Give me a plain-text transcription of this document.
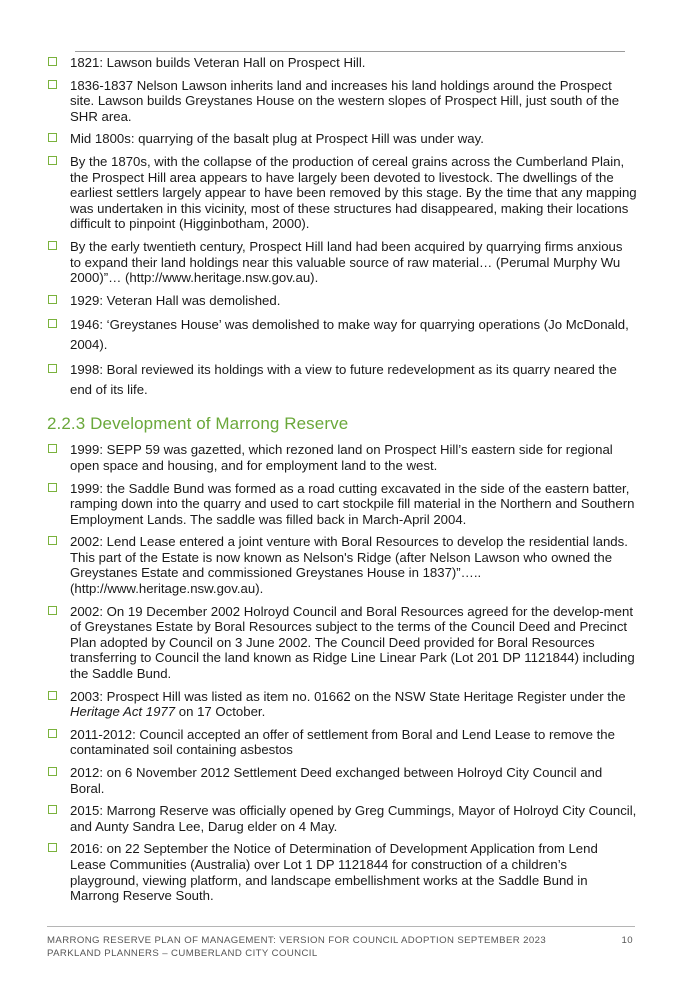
1821: Lawson builds Veteran Hall on Prospect Hill.
1836-1837 Nelson Lawson inherits land and increases his land holdings around the Prospect site. Lawson builds Greystanes House on the western slopes of Prospect Hill, just south of the SHR area.
Mid 1800s: quarrying of the basalt plug at Prospect Hill was under way.
By the 1870s, with the collapse of the production of cereal grains across the Cumberland Plain, the Prospect Hill area appears to have largely been devoted to livestock. The dwellings of the earliest settlers largely appear to have been removed by this stage. By the time that any mapping was undertaken in this vicinity, most of these structures had disappeared, making their locations difficult to pinpoint (Higginbotham, 2000).
By the early twentieth century, Prospect Hill land had been acquired by quarrying firms anxious to expand their land holdings near this valuable source of raw material… (Perumal Murphy Wu 2000)”… (http://www.heritage.nsw.gov.au).
1929: Veteran Hall was demolished.
1946: ‘Greystanes House’ was demolished to make way for quarrying operations (Jo McDonald, 2004).
1998: Boral reviewed its holdings with a view to future redevelopment as its quarry neared the end of its life.
2.2.3 Development of Marrong Reserve
1999: SEPP 59 was gazetted, which rezoned land on Prospect Hill’s eastern side for regional open space and housing, and for employment land to the west.
1999: the Saddle Bund was formed as a road cutting excavated in the side of the eastern batter, ramping down into the quarry and used to cart stockpile fill material in the Northern and Southern Employment Lands. The saddle was filled back in March-April 2004.
2002: Lend Lease entered a joint venture with Boral Resources to develop the residential lands. This part of the Estate is now known as Nelson's Ridge (after Nelson Lawson who owned the Greystanes Estate and commissioned Greystanes House in 1837)”….. (http://www.heritage.nsw.gov.au).
2002: On 19 December 2002 Holroyd Council and Boral Resources agreed for the develop-ment of Greystanes Estate by Boral Resources subject to the terms of the Council Deed and Precinct Plan adopted by Council on 3 June 2002. The Council Deed provided for Boral Resources transferring to Council the land known as Ridge Line Linear Park (Lot 201 DP 1121844) including the Saddle Bund.
2003: Prospect Hill was listed as item no. 01662 on the NSW State Heritage Register under the Heritage Act 1977 on 17 October.
2011-2012: Council accepted an offer of settlement from Boral and Lend Lease to remove the contaminated soil containing asbestos
2012: on 6 November 2012 Settlement Deed exchanged between Holroyd City Council and Boral.
2015: Marrong Reserve was officially opened by Greg Cummings, Mayor of Holroyd City Council, and Aunty Sandra Lee, Darug elder on 4 May.
2016: on 22 September the Notice of Determination of Development Application from Lend Lease Communities (Australia) over Lot 1 DP 1121844 for construction of a children’s playground, viewing platform, and landscape embellishment works at the Saddle Bund in Marrong Reserve South.
MARRONG RESERVE PLAN OF MANAGEMENT: VERSION FOR COUNCIL ADOPTION SEPTEMBER 2023
PARKLAND PLANNERS – CUMBERLAND CITY COUNCIL
10
